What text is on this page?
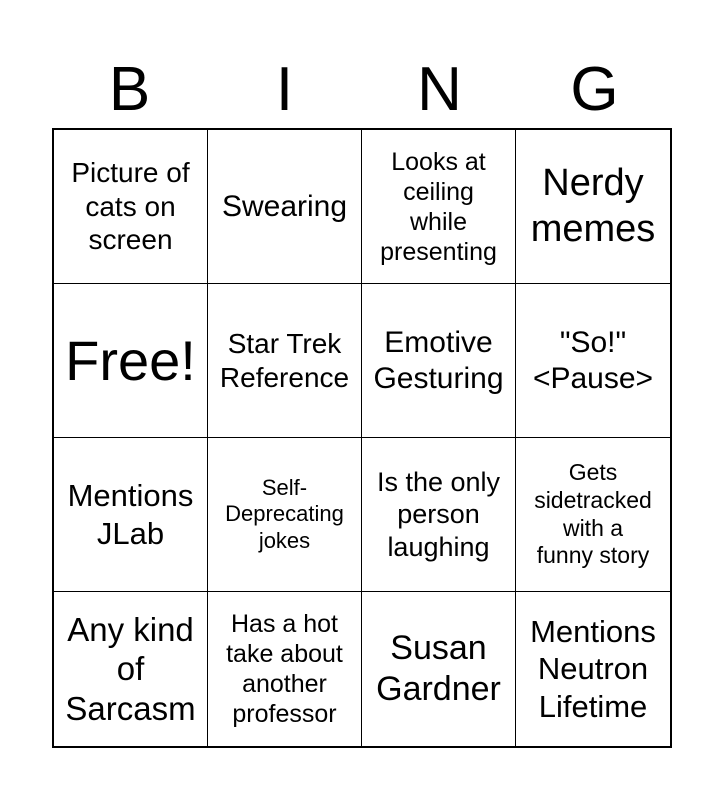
B	I	N	G
Picture of
cats on
screen
Swearing
Looks at
ceiling
while
presenting
Nerdy
memes
Free! Star Trek
Reference
Emotive
Gesturing
"So!"
<Pause>
Mentions
JLab
Self-
Deprecating
jokes
Is the only
person
laughing
Gets
sidetracked
with a
funny story
Any kind
of
Sarcasm
Has a hot
take about
another
professor
Susan
Gardner
Mentions
Neutron
Lifetime
